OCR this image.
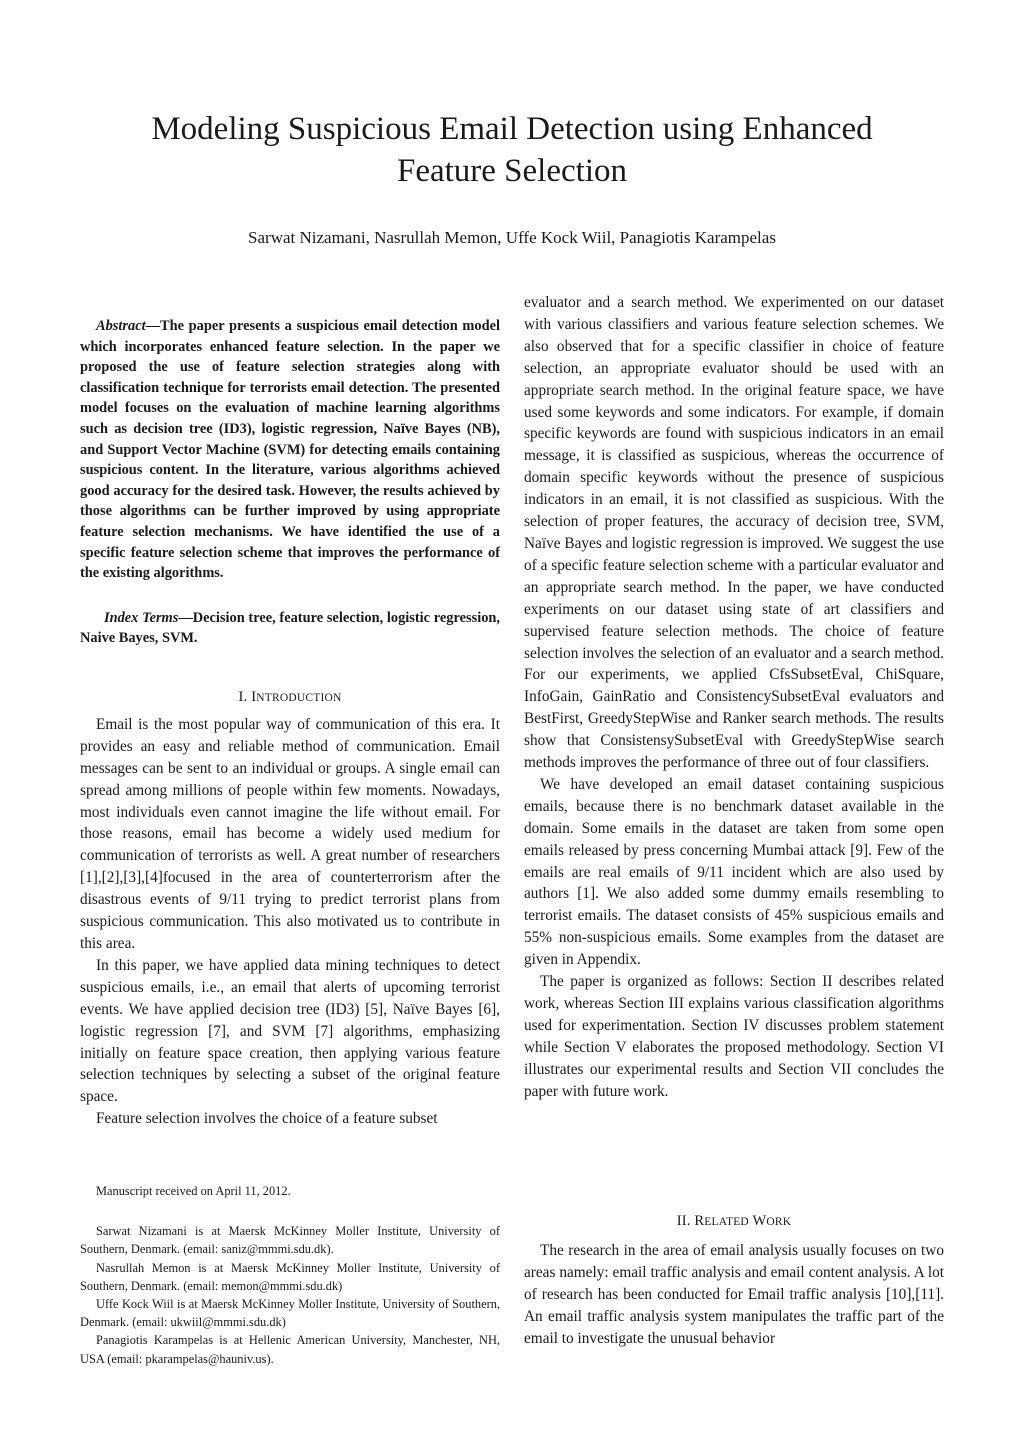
Modeling Suspicious Email Detection using Enhanced
Feature Selection
Sarwat Nizamani, Nasrullah Memon, Uffe Kock Wiil, Panagiotis Karampelas

Abstract—The paper presents a suspicious email detection model which incorporates enhanced feature selection. In the paper we proposed the use of feature selection strategies along with classification technique for terrorists email detection. The presented model focuses on the evaluation of machine learning algorithms such as decision tree (ID3), logistic regression, Naïve Bayes (NB), and Support Vector Machine (SVM) for detecting emails containing suspicious content. In the literature, various algorithms achieved good accuracy for the desired task. However, the results achieved by those algorithms can be further improved by using appropriate feature selection mechanisms. We have identified the use of a specific feature selection scheme that improves the performance of the existing algorithms.

Index Terms—Decision tree, feature selection, logistic regression, Naive Bayes, SVM.

I. INTRODUCTION

Email is the most popular way of communication of this era. It provides an easy and reliable method of communication. Email messages can be sent to an individual or groups. A single email can spread among millions of people within few moments. Nowadays, most individuals even cannot imagine the life without email. For those reasons, email has become a widely used medium for communication of terrorists as well. A great number of researchers [1],[2],[3],[4]focused in the area of counterterrorism after the disastrous events of 9/11 trying to predict terrorist plans from suspicious communication. This also motivated us to contribute in this area.

In this paper, we have applied data mining techniques to detect suspicious emails, i.e., an email that alerts of upcoming terrorist events. We have applied decision tree (ID3) [5], Naïve Bayes [6], logistic regression [7], and SVM [7] algorithms, emphasizing initially on feature space creation, then applying various feature selection techniques by selecting a subset of the original feature space.

Feature selection involves the choice of a feature subset

evaluator and a search method. We experimented on our dataset with various classifiers and various feature selection schemes. We also observed that for a specific classifier in choice of feature selection, an appropriate evaluator should be used with an appropriate search method. In the original feature space, we have used some keywords and some indicators. For example, if domain specific keywords are found with suspicious indicators in an email message, it is classified as suspicious, whereas the occurrence of domain specific keywords without the presence of suspicious indicators in an email, it is not classified as suspicious. With the selection of proper features, the accuracy of decision tree, SVM, Naïve Bayes and logistic regression is improved. We suggest the use of a specific feature selection scheme with a particular evaluator and an appropriate search method. In the paper, we have conducted experiments on our dataset using state of art classifiers and supervised feature selection methods. The choice of feature selection involves the selection of an evaluator and a search method. For our experiments, we applied CfsSubsetEval, ChiSquare, InfoGain, GainRatio and ConsistencySubsetEval evaluators and BestFirst, GreedyStepWise and Ranker search methods. The results show that ConsistensySubsetEval with GreedyStepWise search methods improves the performance of three out of four classifiers.

We have developed an email dataset containing suspicious emails, because there is no benchmark dataset available in the domain. Some emails in the dataset are taken from some open emails released by press concerning Mumbai attack [9]. Few of the emails are real emails of 9/11 incident which are also used by authors [1]. We also added some dummy emails resembling to terrorist emails. The dataset consists of 45% suspicious emails and 55% non-suspicious emails. Some examples from the dataset are given in Appendix.

The paper is organized as follows: Section II describes related work, whereas Section III explains various classification algorithms used for experimentation. Section IV discusses problem statement while Section V elaborates the proposed methodology. Section VI illustrates our experimental results and Section VII concludes the paper with future work.

II. RELATED WORK

The research in the area of email analysis usually focuses on two areas namely: email traffic analysis and email content analysis. A lot of research has been conducted for Email traffic analysis [10],[11]. An email traffic analysis system manipulates the traffic part of the email to investigate the unusual behavior

Manuscript received on April 11, 2012.

Sarwat Nizamani is at Maersk McKinney Moller Institute, University of Southern, Denmark. (email: saniz@mmmi.sdu.dk).

Nasrullah Memon is at Maersk McKinney Moller Institute, University of Southern, Denmark. (email: memon@mmmi.sdu.dk)

Uffe Kock Wiil is at Maersk McKinney Moller Institute, University of Southern, Denmark. (email: ukwiil@mmmi.sdu.dk)

Panagiotis Karampelas is at Hellenic American University, Manchester, NH, USA (email: pkarampelas@hauniv.us).
